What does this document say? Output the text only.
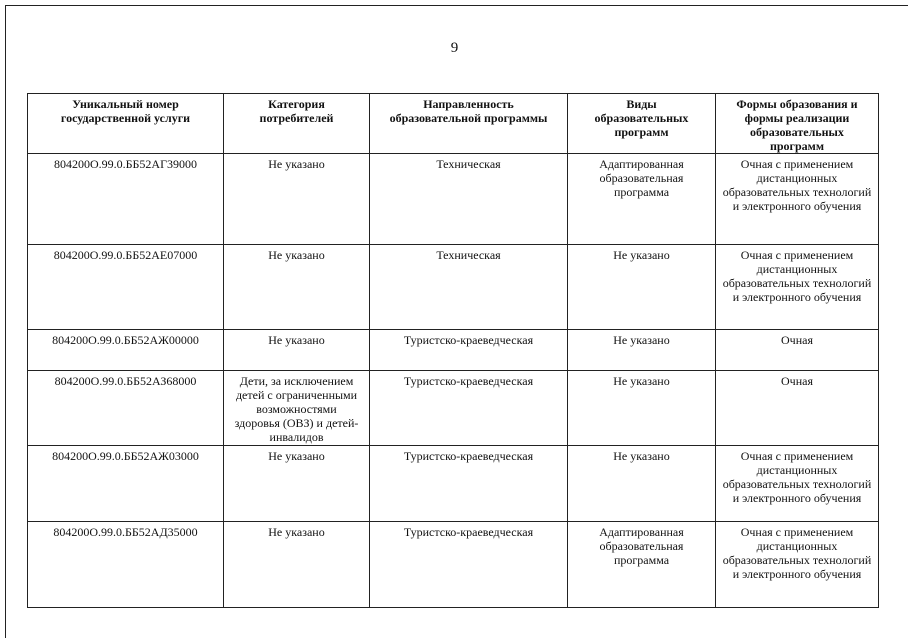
9
Уникальный номер государственной услуги	Категория потребителей	Направленность образовательной программы	Виды образовательных программ	Формы образования и формы реализации образовательных программ
804200О.99.0.ББ52АГ39000	Не указано	Техническая	Адаптированная образовательная программа	Очная с применением дистанционных образовательных технологий и электронного обучения
804200О.99.0.ББ52АЕ07000	Не указано	Техническая	Не указано	Очная с применением дистанционных образовательных технологий и электронного обучения
804200О.99.0.ББ52АЖ00000	Не указано	Туристско-краеведческая	Не указано	Очная
804200О.99.0.ББ52АЗ68000	Дети, за исключением детей с ограниченными возможностями здоровья (ОВЗ) и детей-инвалидов	Туристско-краеведческая	Не указано	Очная
804200О.99.0.ББ52АЖ03000	Не указано	Туристско-краеведческая	Не указано	Очная с применением дистанционных образовательных технологий и электронного обучения
804200О.99.0.ББ52АД35000	Не указано	Туристско-краеведческая	Адаптированная образовательная программа	Очная с применением дистанционных образовательных технологий и электронного обучения
